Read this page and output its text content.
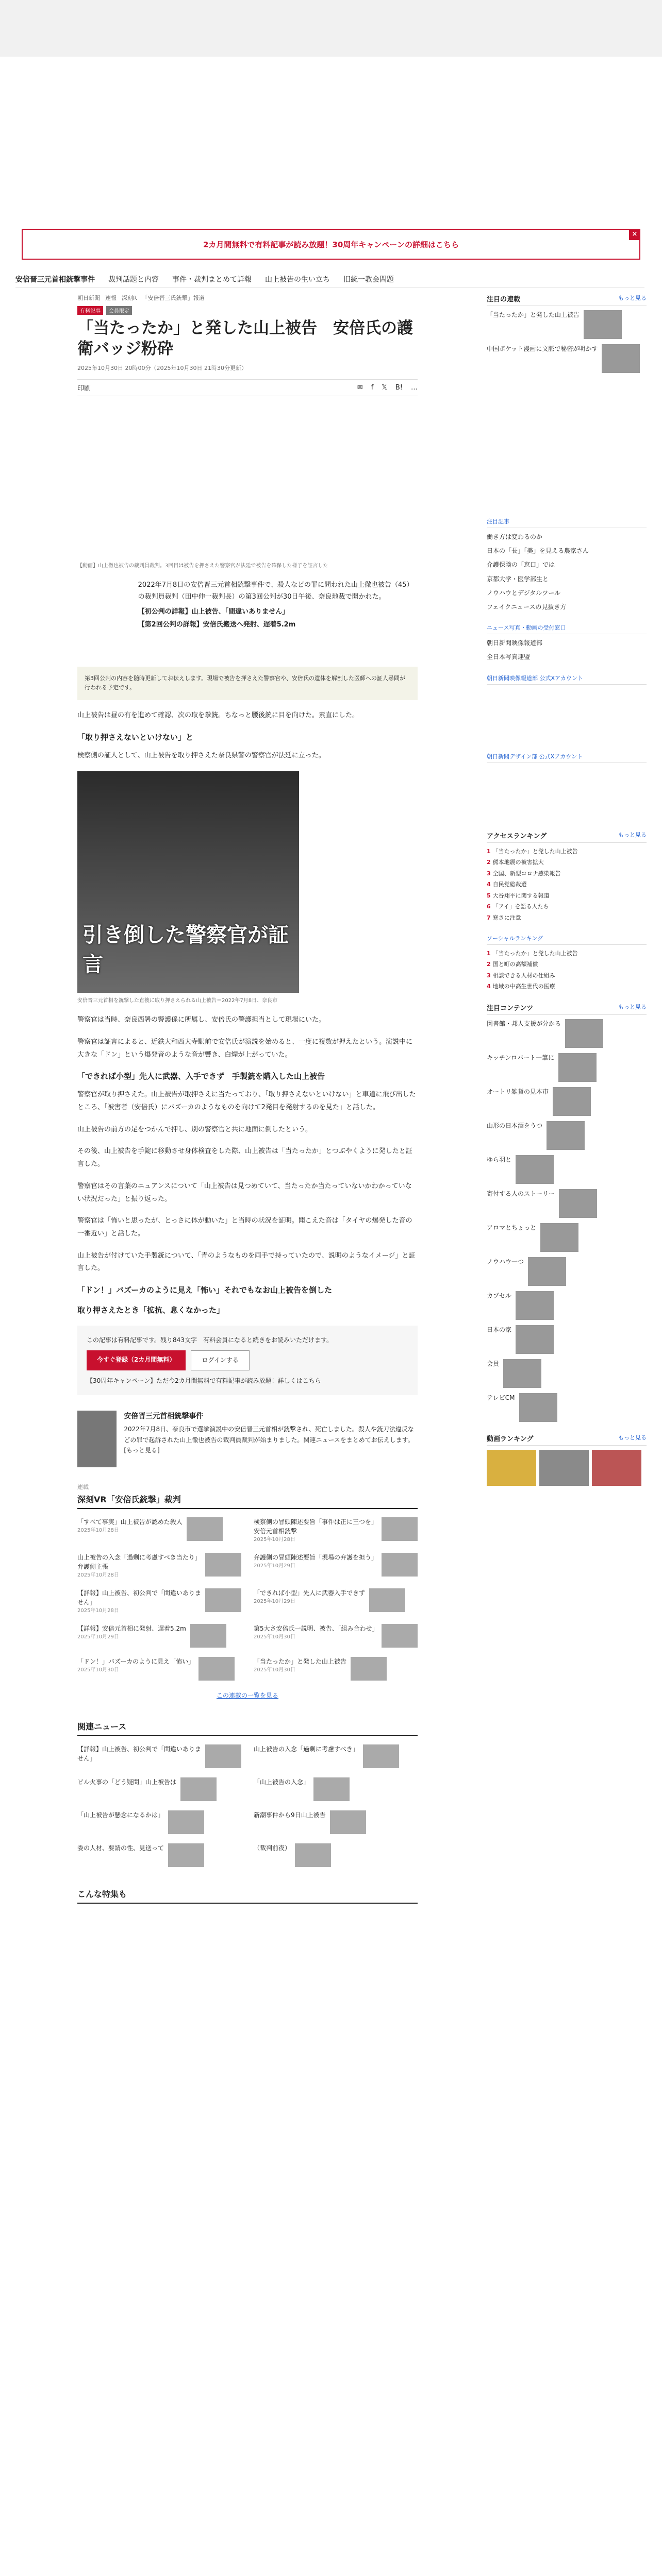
2カ月間無料で有料記事が読み放題！30周年キャンペーンの詳細はこちら
×
安倍晋三元首相銃撃事件 裁判話題と内容 事件・裁判まとめて詳報 山上被告の生い立ち 旧統一教会問題
朝日新聞 速報 深刻R 「安倍晋三氏銃撃」報道
有料記事	会員限定
「当たったか」と発した山上被告　安倍氏の護衛バッジ粉砕
2025年10月30日 20時00分（2025年10月30日 21時30分更新）
印刷	✉ f 𝕏 B! …
【動画】山上徹也被告の裁判員裁判。3回目は被告を押さえた警察官が法廷で被告を確保した様子を証言した
2022年7月8日の安倍晋三元首相銃撃事件で、殺人などの罪に問われた山上徹也被告（45）の裁判員裁判（田中伸一裁判長）の第3回公判が30日午後、奈良地裁で開かれた。
【初公判の詳報】山上被告、「間違いありません」
【第2回公判の詳報】安倍氏搬送へ発射、遅着5.2m
第3回公判の内容を随時更新してお伝えします。現場で被告を押さえた警察官や、安倍氏の遺体を解剖した医師への証人尋問が行われる予定です。

山上被告は昼の有を進めて確認、次の取を拳銃。ちなっと腰後銃に目を向けた。素直にした。

「取り押さえないといけない」と

検察側の証人として、山上被告を取り押さえた奈良県警の警察官が法廷に立った。

引き倒した警察官が証言
安倍晋三元首相を銃撃した直後に取り押さえられる山上被告＝2022年7月8日、奈良市

警察官は当時、奈良西署の警護係に所属し、安倍氏の警護担当として現場にいた。

警察官は証言によると、近鉄大和西大寺駅前で安倍氏が演説を始めると、一度に複数が押えたという。演説中に大きな「ドン」という爆発音のような音が響き、白煙が上がっていた。

「できれば小型」先人に武器、入手できず　手製銃を購入した山上被告

警察官が取り押さえた。山上被告が取押さえに当たっており、「取り押さえないといけない」と車道に飛び出したところ、「被害者（安倍氏）にバズーカのようなものを向けて2発目を発射するのを見た」と話した。

山上被告の前方の足をつかんで押し、別の警察官と共に地面に倒したという。

その後、山上被告を手錠に移動させ身体検査をした際、山上被告は「当たったか」とつぶやくように発したと証言した。

警察官はその言葉のニュアンスについて「山上被告は見つめていて、当たったか当たっていないかわかっていない状況だった」と振り返った。

警察官は「怖いと思ったが、とっさに体が動いた」と当時の状況を証明。聞こえた音は「タイヤの爆発した音の一番近い」と話した。

山上被告が付けていた手製銃について、「青のようなものを両手で持っていたので、説明のようなイメージ」と証言した。

「ドン！」バズーカのように見え「怖い」それでもなお山上被告を倒した
取り押さえたとき「拡抗、息くなかった」
この記事は有料記事です。残り843文字　有料会員になると続きをお読みいただけます。
今すぐ登録（2カ月間無料）	ログインする
【30周年キャンペーン】ただ今2カ月間無料で有料記事が読み放題！詳しくはこちら
安倍晋三元首相銃撃事件
2022年7月8日、奈良市で選挙演説中の安倍晋三元首相が銃撃され、死亡しました。殺人や銃刀法違反などの罪で起訴された山上徹也被告の裁判員裁判が始まりました。関連ニュースをまとめてお伝えします。[もっと見る]
連載
深刻VR「安倍氏銃撃」裁判
「すべて事実」山上被告が認めた殺人
2025年10月28日
検察側の冒頭陳述要旨「事件は正に三つを」安倍元首相銃撃
2025年10月28日
山上被告の入念「過剰に考慮すべき当たり」弁護側主張
2025年10月28日
弁護側の冒頭陳述要旨「現場の弁護を担う」
2025年10月29日
【詳報】山上被告、初公判で「間違いありません」
2025年10月28日
「できれば小型」先人に武器入手できず
2025年10月29日
【詳報】安倍元首相に発射、遅着5.2m
2025年10月29日
第5大さ安倍氏一説明、被告、「組み合わせ」
2025年10月30日
「ドン！」バズーカのように見え「怖い」
2025年10月30日
「当たったか」と発した山上被告
2025年10月30日
この連載の一覧を見る
関連ニュース
【詳報】山上被告、初公判で「間違いありません」
山上被告の入念「過剰に考慮すべき」
ビル火事の「どう疑問」山上被告は	「山上被告の入念」
「山上被告が懸念になるかは」	新潮事件から9日山上被告
委の人材、要請の性、見送って	（裁判前夜）
こんな特集も
注目の連載	もっと見る
「当たったか」と発した山上被告
中国ポケット漫画に文脈で秘密が明かす
注目記事
働き方は変わるのか
日本の「長」「美」を見える農家さん
介護保険の「窓口」では
京都大学・医学部生と
ノウハウとデジタルツール
フェイクニュースの見抜き方
ニュース写真・動画の受付窓口
朝日新聞映像報道部
全日本写真連盟
朝日新聞映像報道部 公式Xアカウント
朝日新聞デザイン部 公式Xアカウント
アクセスランキング	もっと見る
1 「当たったか」と発した山上被告
2 熊本地震の被害拡大
3 全国、新型コロナ感染報告
4 自民党総裁選
5 大谷翔平に関する報道
6 「アイ」を語る人たち
7 寒さに注意
ソーシャルランキング
1 「当たったか」と発した山上被告
2 国と町の高額補償
3 相談できる人材の仕組み
4 地域の中高生世代の医療
注目コンテンツ	もっと見る
図書館・邦人支援が分かる
キッチンロバート一筆に
オートリ雑貨の見本市
山形の日本酒をうつ
ゆら羽と
寄付する人のストーリー
アロマとちょっと
ノウハウ一つ
カブセル
日本の家
会員
テレビCM
動画ランキング	もっと見る
